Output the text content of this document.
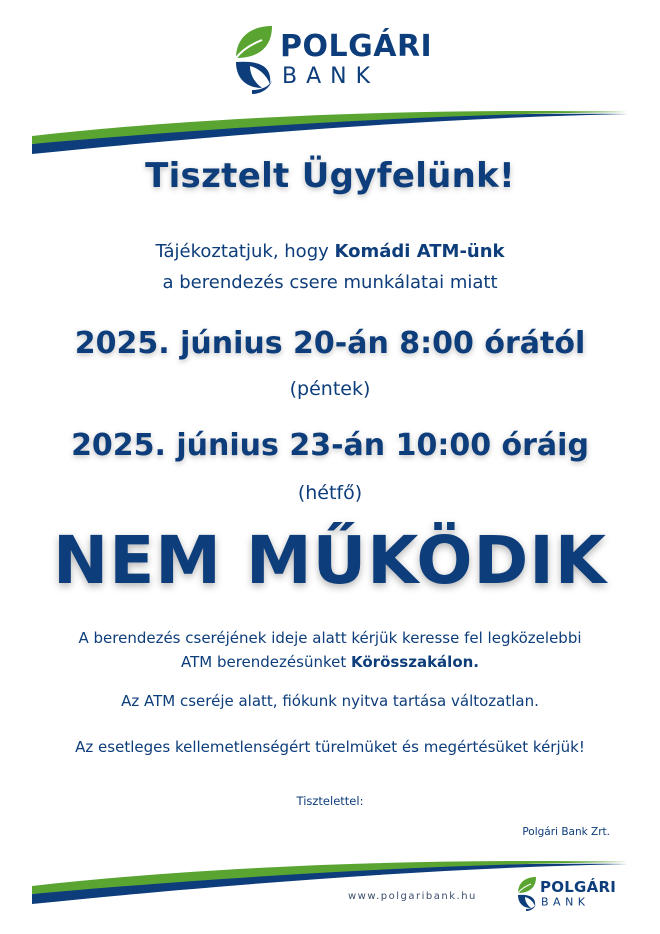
POLGÁRI
BANK
Tisztelt Ügyfelünk!
Tájékoztatjuk, hogy Komádi ATM-ünk
a berendezés csere munkálatai miatt
2025. június 20-án 8:00 órától
(péntek)
2025. június 23-án 10:00 óráig
(hétfő)
NEM MŰKÖDIK
A berendezés cseréjének ideje alatt kérjük keresse fel legközelebbi
ATM berendezésünket Körösszakálon.
Az ATM cseréje alatt, fiókunk nyitva tartása változatlan.
Az esetleges kellemetlenségért türelmüket és megértésüket kérjük!
Tisztelettel:
Polgári Bank Zrt.
www.polgaribank.hu
POLGÁRI
BANK
